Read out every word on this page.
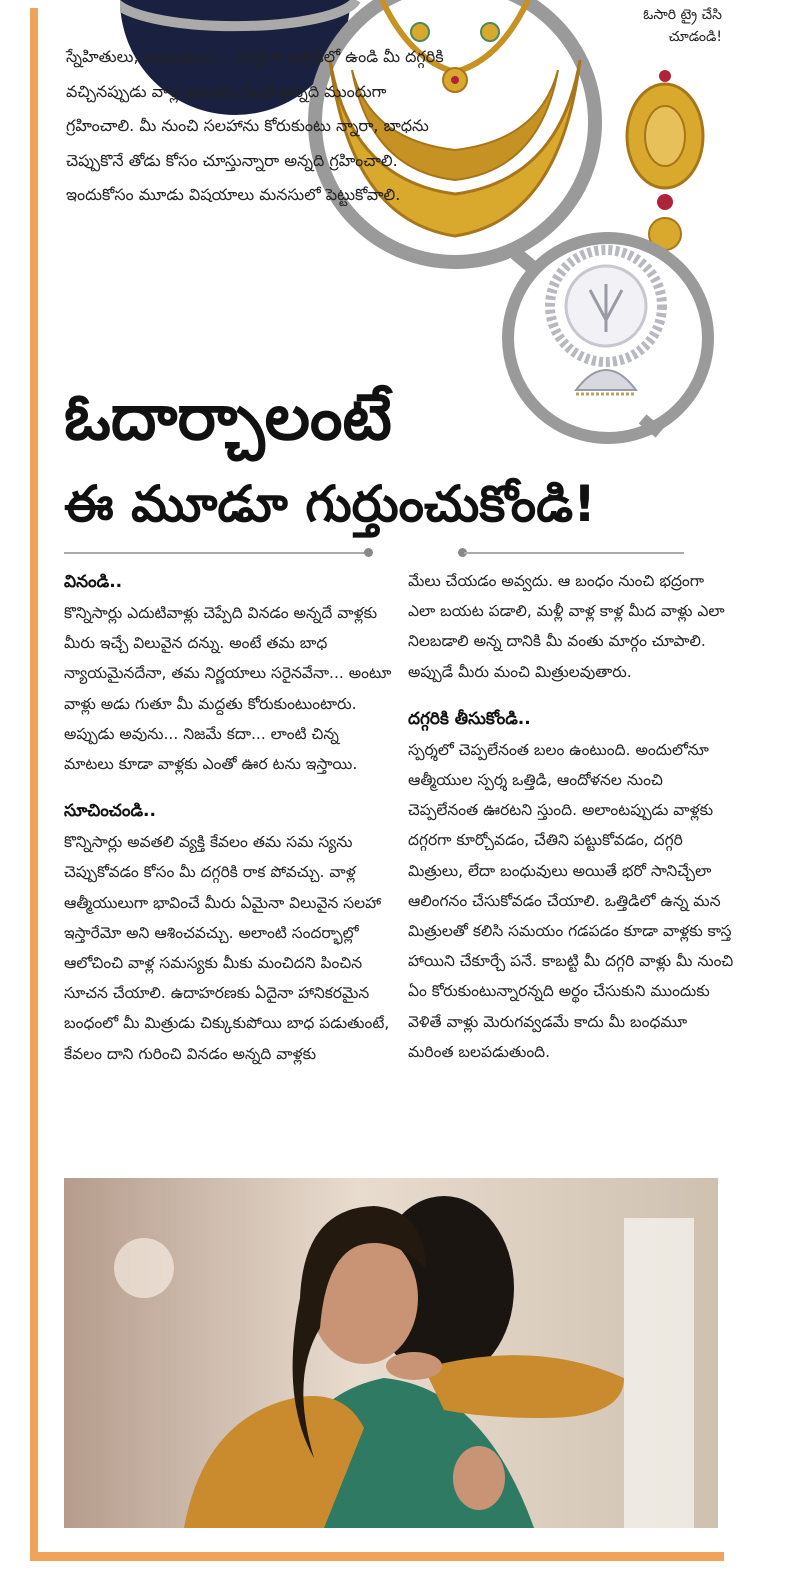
ఓసారి ట్రై చేసి చూడండి!
స్నేహితులు, బంధువులు... ఎవరైనా ఒత్తిడిలో ఉండి మీ దగ్గరికి వచ్చినప్పుడు వాళ్ల అవసరం ఏంటి అన్నది ముందుగా గ్రహించాలి. మీ నుంచి సలహాను కోరుకుంటు న్నారా, బాధను చెప్పుకొనే తోడు కోసం చూస్తున్నారా అన్నది గ్రహించాలి. ఇందుకోసం మూడు విషయాలు మనసులో పెట్టుకోవాలి.
ఓదార్చాలంటే
ఈ మూడూ గుర్తుంచుకోండి!
వినండి..

కొన్నిసార్లు ఎదుటివాళ్లు చెప్పేది వినడం అన్నదే వాళ్లకు మీరు ఇచ్చే విలువైన దన్ను. అంటే తమ బాధ న్యాయమైనదేనా, తమ నిర్ణయాలు సరైనవేనా... అంటూ వాళ్లు అడు గుతూ మీ మద్దతు కోరుకుంటుంటారు. అప్పుడు అవును... నిజమే కదా... లాంటి చిన్న మాటలు కూడా వాళ్లకు ఎంతో ఊర టను ఇస్తాయి.

సూచించండి..

కొన్నిసార్లు అవతలి వ్యక్తి కేవలం తమ సమ స్యను చెప్పుకోవడం కోసం మీ దగ్గరికి రాక పోవచ్చు. వాళ్ల ఆత్మీయులుగా భావించే మీరు ఏమైనా విలువైన సలహా ఇస్తారేమో అని ఆశించవచ్చు. అలాంటి సందర్భాల్లో ఆలోచించి వాళ్ల సమస్యకు మీకు మంచిదని పించిన సూచన చేయాలి. ఉదాహరణకు ఏదైనా హానికరమైన బంధంలో మీ మిత్రుడు చిక్కుకుపోయి బాధ పడుతుంటే, కేవలం దాని గురించి వినడం అన్నది వాళ్లకు

మేలు చేయడం అవ్వదు. ఆ బంధం నుంచి భద్రంగా ఎలా బయట పడాలి, మళ్లీ వాళ్ల కాళ్ల మీద వాళ్లు ఎలా నిలబడాలి అన్న దానికి మీ వంతు మార్గం చూపాలి. అప్పుడే మీరు మంచి మిత్రులవుతారు.

దగ్గరికి తీసుకోండి..

స్పర్శలో చెప్పలేనంత బలం ఉంటుంది. అందులోనూ ఆత్మీయుల స్పర్శ ఒత్తిడి, ఆందోళనల నుంచి చెప్పలేనంత ఊరటని స్తుంది. అలాంటప్పుడు వాళ్లకు దగ్గరగా కూర్చోవడం, చేతిని పట్టుకోవడం, దగ్గరి మిత్రులు, లేదా బంధువులు అయితే భరో సానిచ్చేలా ఆలింగనం చేసుకోవడం చేయాలి. ఒత్తిడిలో ఉన్న మన మిత్రులతో కలిసి సమయం గడపడం కూడా వాళ్లకు కాస్త హాయిని చేకూర్చే పనే. కాబట్టి మీ దగ్గరి వాళ్లు మీ నుంచి ఏం కోరుకుంటున్నారన్నది అర్థం చేసుకుని ముందుకు వెళితే వాళ్లు మెరుగవ్వడమే కాదు మీ బంధమూ మరింత బలపడుతుంది.
